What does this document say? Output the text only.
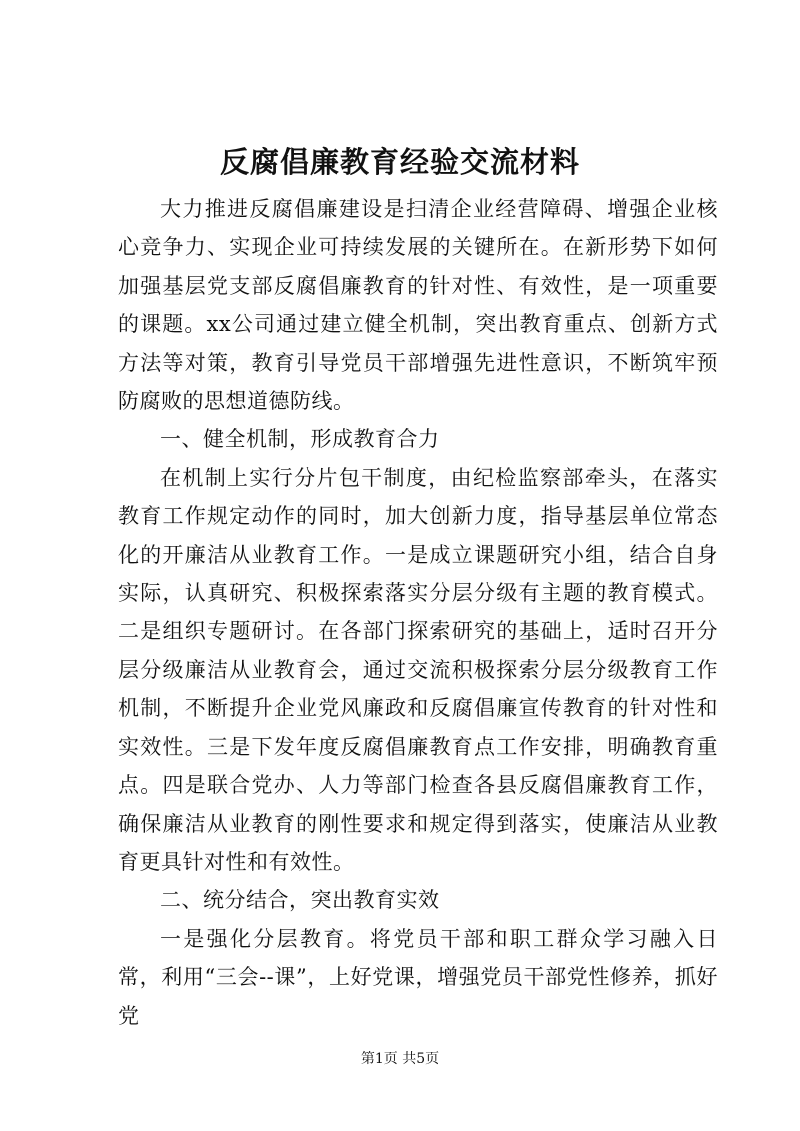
反腐倡廉教育经验交流材料

大力推进反腐倡廉建设是扫清企业经营障碍、增强企业核心竞争力、实现企业可持续发展的关键所在。在新形势下如何加强基层党支部反腐倡廉教育的针对性、有效性，是一项重要的课题。xx公司通过建立健全机制，突出教育重点、创新方式方法等对策，教育引导党员干部增强先进性意识，不断筑牢预防腐败的思想道德防线。

一、健全机制，形成教育合力

在机制上实行分片包干制度，由纪检监察部牵头，在落实教育工作规定动作的同时，加大创新力度，指导基层单位常态化的开廉洁从业教育工作。一是成立课题研究小组，结合自身实际，认真研究、积极探索落实分层分级有主题的教育模式。二是组织专题研讨。在各部门探索研究的基础上，适时召开分层分级廉洁从业教育会，通过交流积极探索分层分级教育工作机制，不断提升企业党风廉政和反腐倡廉宣传教育的针对性和实效性。三是下发年度反腐倡廉教育点工作安排，明确教育重点。四是联合党办、人力等部门检查各县反腐倡廉教育工作，确保廉洁从业教育的刚性要求和规定得到落实，使廉洁从业教育更具针对性和有效性。

二、统分结合，突出教育实效

一是强化分层教育。将党员干部和职工群众学习融入日常，利用“三会--课”，上好党课，增强党员干部党性修养，抓好党

第1页 共5页
